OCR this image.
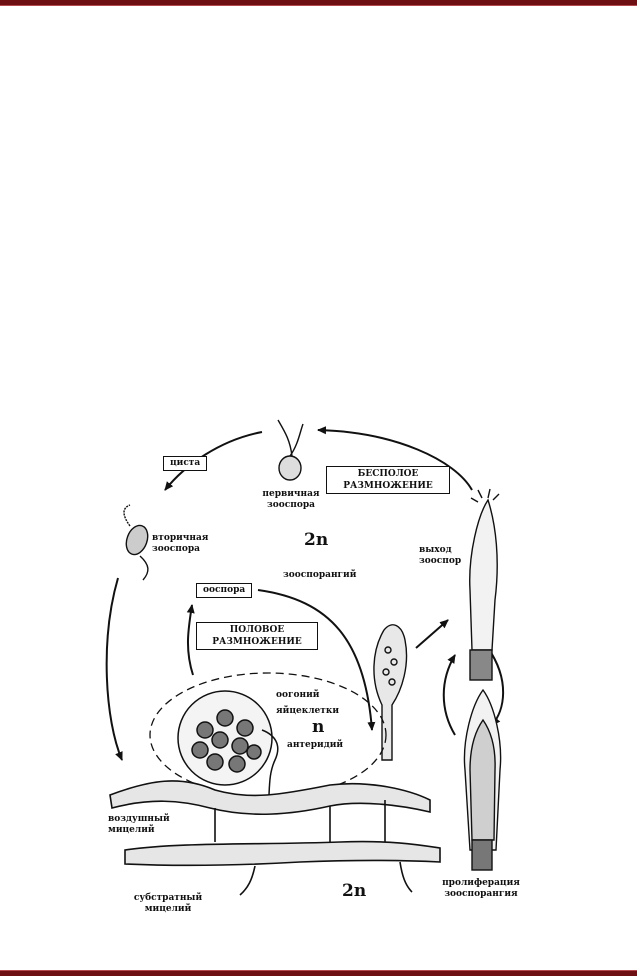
циста
первичная
зооспора
БЕСПОЛОЕ
РАЗМНОЖЕНИЕ
вторичная
зооспора	2n	выход
зооспор
зооспорангий
ооспора
ПОЛОВОЕ
РАЗМНОЖЕНИЕ
оогоний
яйцеклетки
n
антеридий
воздушный
мицелий
субстратный
мицелий
2n	пролиферация
зооспорангия
